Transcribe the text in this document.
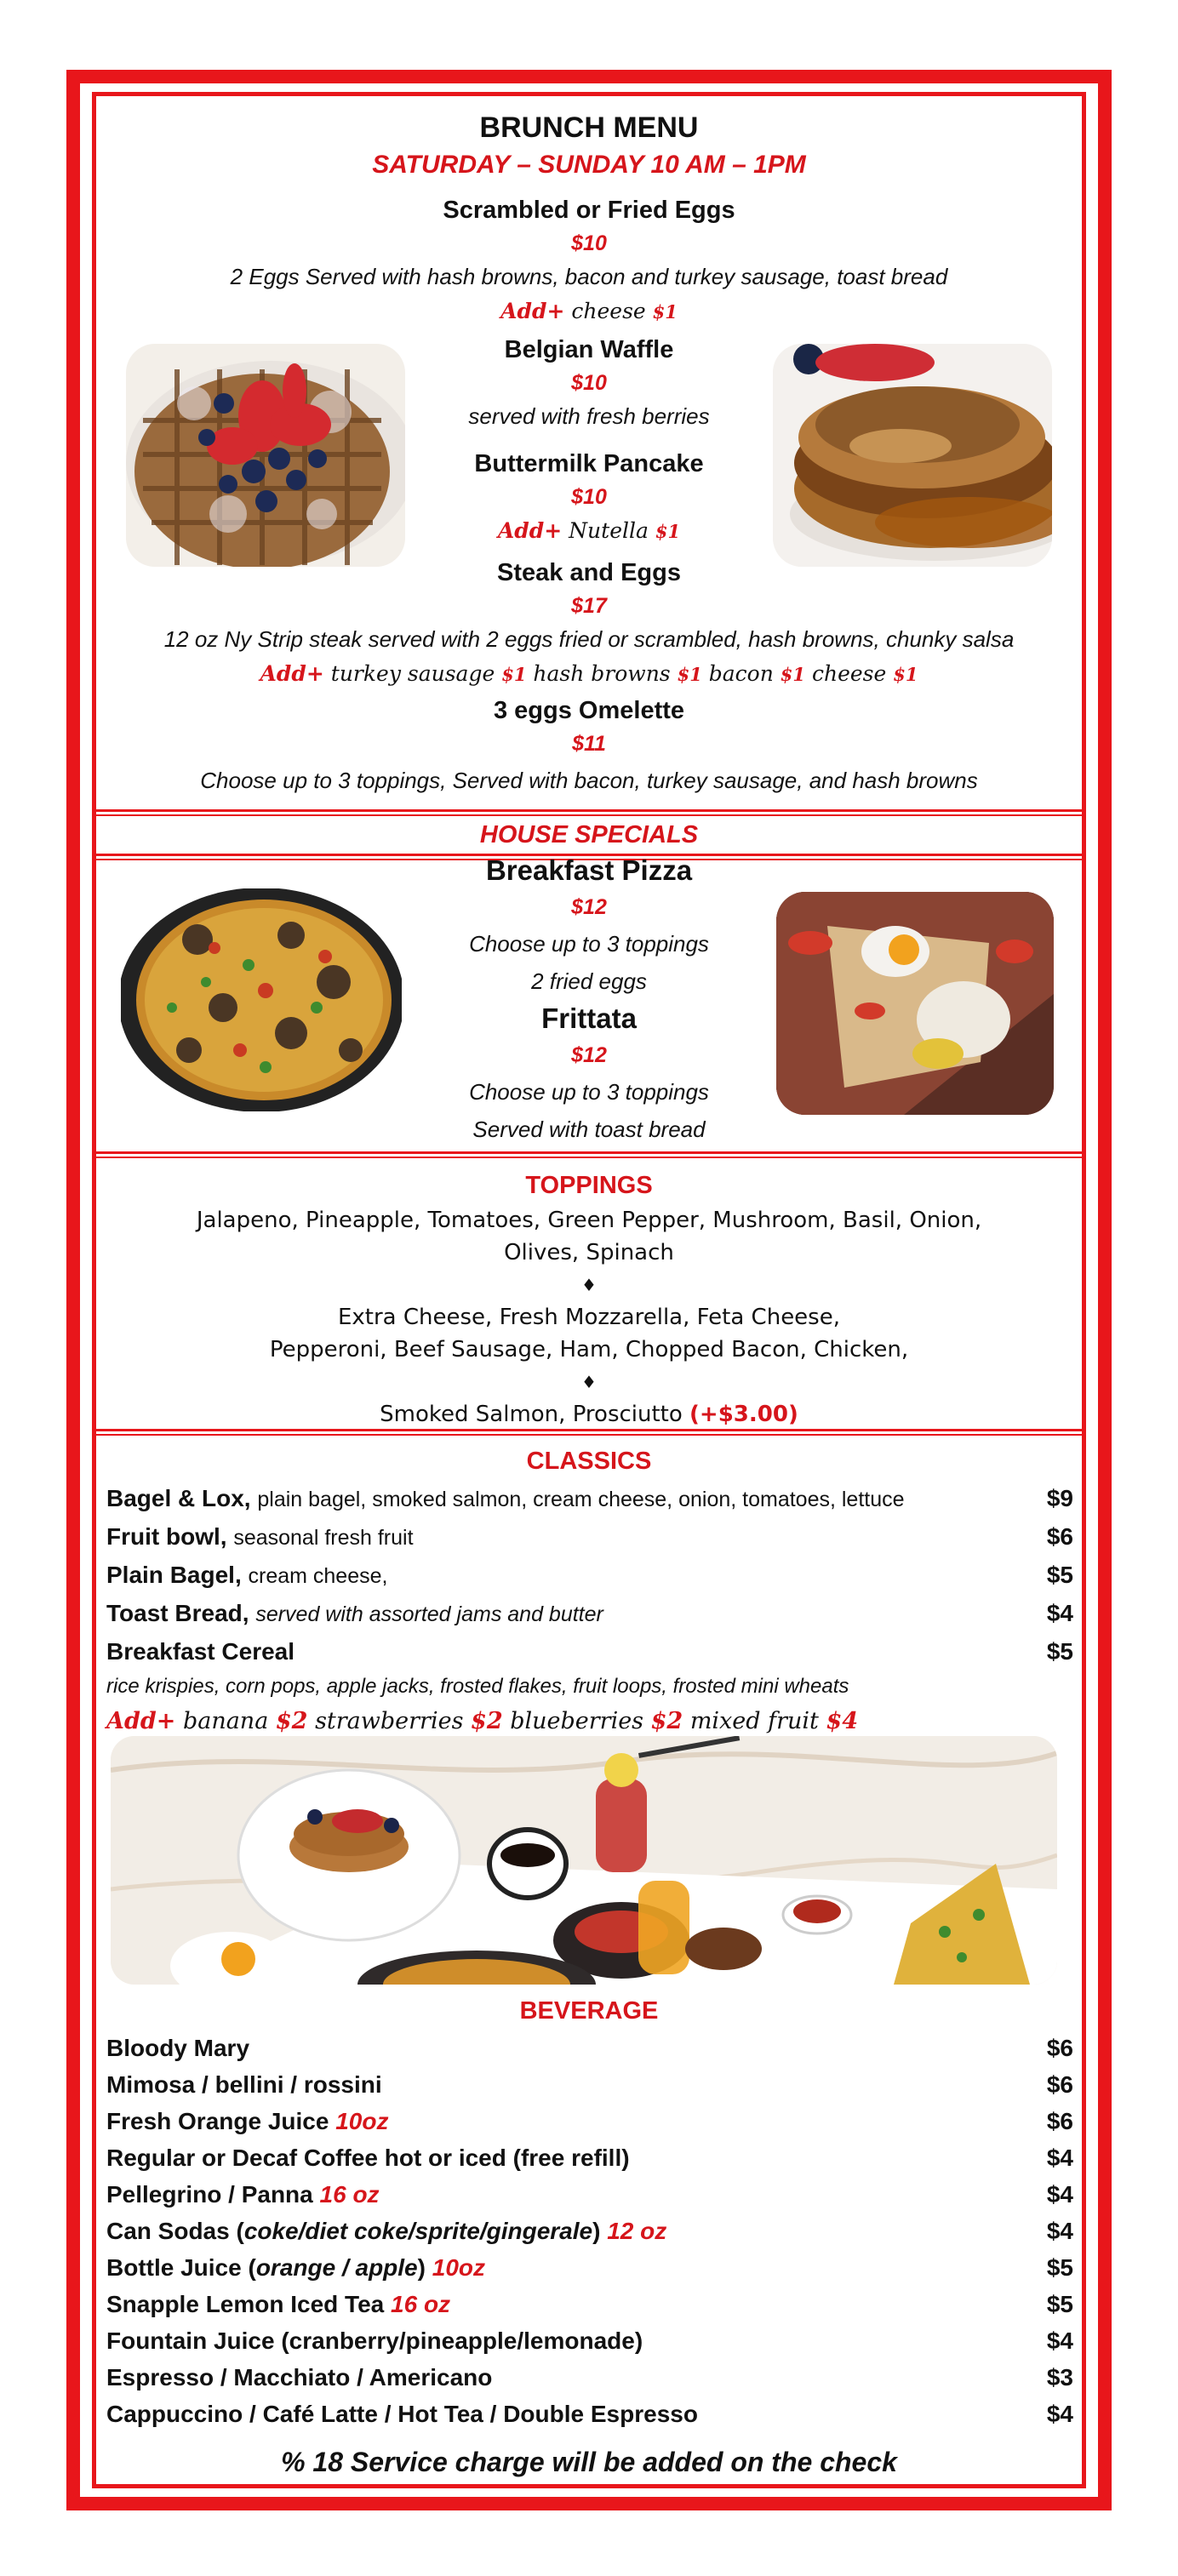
BRUNCH MENU
SATURDAY – SUNDAY 10 AM – 1PM
Scrambled or Fried Eggs
$10
2 Eggs Served with hash browns, bacon and turkey sausage, toast bread
Add+ cheese $1
Belgian Waffle
$10
served with fresh berries
Buttermilk Pancake
$10
Add+ Nutella $1
Steak and Eggs
$17
12 oz Ny Strip steak served with 2 eggs fried or scrambled, hash browns, chunky salsa
Add+ turkey sausage $1 hash browns $1 bacon $1 cheese $1
3 eggs Omelette
$11
Choose up to 3 toppings, Served with bacon, turkey sausage, and hash browns
HOUSE SPECIALS
Breakfast Pizza
$12
Choose up to 3 toppings
2 fried eggs
Frittata
$12
Choose up to 3 toppings
Served with toast bread
TOPPINGS
Jalapeno, Pineapple, Tomatoes, Green Pepper, Mushroom, Basil, Onion,
Olives, Spinach
♦
Extra Cheese, Fresh Mozzarella, Feta Cheese,
Pepperoni, Beef Sausage, Ham, Chopped Bacon, Chicken,
♦
Smoked Salmon, Prosciutto (+$3.00)
CLASSICS
Bagel & Lox, plain bagel, smoked salmon, cream cheese, onion, tomatoes, lettuce	$9
Fruit bowl, seasonal fresh fruit	$6
Plain Bagel, cream cheese,	$5
Toast Bread, served with assorted jams and butter	$4
Breakfast Cereal	$5
rice krispies, corn pops, apple jacks, frosted flakes, fruit loops, frosted mini wheats
Add+ banana $2 strawberries $2 blueberries $2 mixed fruit $4
BEVERAGE
Bloody Mary	$6
Mimosa / bellini / rossini	$6
Fresh Orange Juice 10oz	$6
Regular or Decaf Coffee hot or iced (free refill)	$4
Pellegrino / Panna 16 oz	$4
Can Sodas (coke/diet coke/sprite/gingerale) 12 oz	$4
Bottle Juice (orange / apple) 10oz	$5
Snapple Lemon Iced Tea 16 oz	$5
Fountain Juice (cranberry/pineapple/lemonade)	$4
Espresso / Macchiato / Americano	$3
Cappuccino / Café Latte / Hot Tea / Double Espresso	$4
% 18 Service charge will be added on the check
